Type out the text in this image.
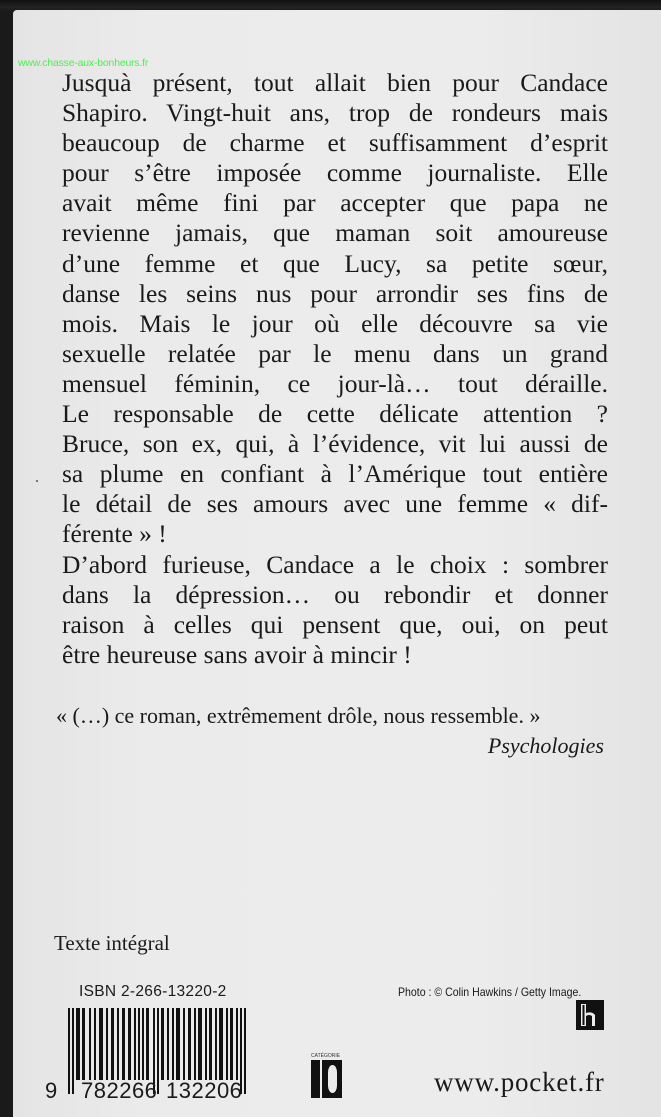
www.chasse-aux-bonheurs.fr
Jusquà présent, tout allait bien pour Candace
Shapiro. Vingt-huit ans, trop de rondeurs mais
beaucoup de charme et suffisamment d’esprit
pour s’être imposée comme journaliste. Elle
avait même fini par accepter que papa ne
revienne jamais, que maman soit amoureuse
d’une femme et que Lucy, sa petite sœur,
danse les seins nus pour arrondir ses fins de
mois. Mais le jour où elle découvre sa vie
sexuelle relatée par le menu dans un grand
mensuel féminin, ce jour-là… tout déraille.
Le responsable de cette délicate attention ?
Bruce, son ex, qui, à l’évidence, vit lui aussi de
sa plume en confiant à l’Amérique tout entière
le détail de ses amours avec une femme « dif-
férente » !
D’abord furieuse, Candace a le choix : sombrer
dans la dépression… ou rebondir et donner
raison à celles qui pensent que, oui, on peut
être heureuse sans avoir à mincir !
« (…) ce roman, extrêmement drôle, nous ressemble. »
Psychologies
Texte intégral
ISBN 2-266-13220-2	Photo : © Colin Hawkins / Getty Image.
9 782266 132206
CATÉGORIE
www.pocket.fr
